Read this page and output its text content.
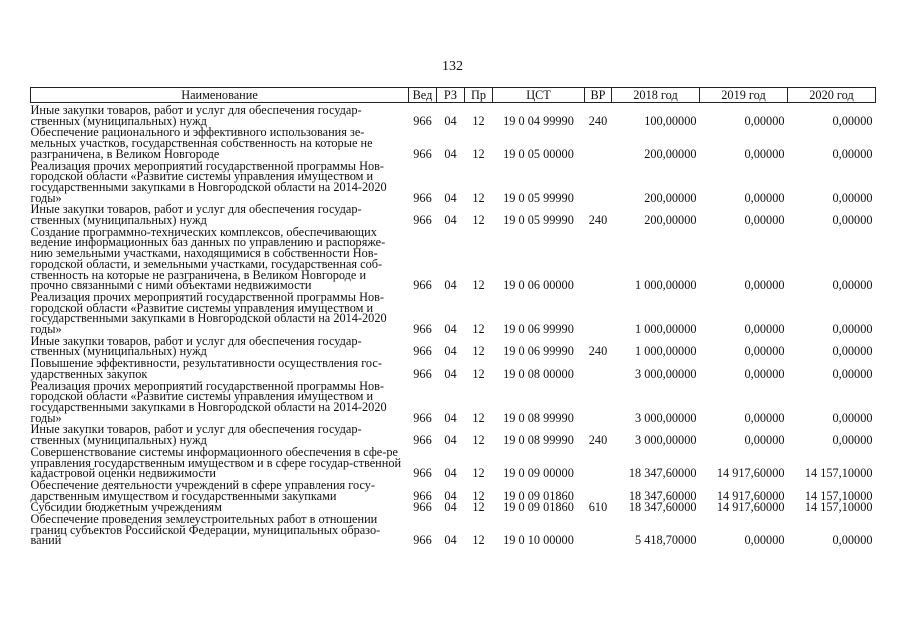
132
Наименование	Вед	РЗ	Пр	ЦСТ	ВР	2018 год	2019 год	2020 год
Иные закупки товаров, работ и услуг для обеспечения государ-ственных (муниципальных) нужд	966	04	12	19 0 04 99990	240	100,00000	0,00000	0,00000
Обеспечение рационального и эффективного использования зе-мельных участков, государственная собственность на которые не разграничена, в Великом Новгороде	966	04	12	19 0 05 00000		200,00000	0,00000	0,00000
Реализация прочих мероприятий государственной программы Нов-городской области «Развитие системы управления имуществом и государственными закупками в Новгородской области на 2014-2020 годы»	966	04	12	19 0 05 99990		200,00000	0,00000	0,00000
Иные закупки товаров, работ и услуг для обеспечения государ-ственных (муниципальных) нужд	966	04	12	19 0 05 99990	240	200,00000	0,00000	0,00000
Создание программно-технических комплексов, обеспечивающих ведение информационных баз данных по управлению и распоряже-нию земельными участками, находящимися в собственности Нов-городской области, и земельными участками, государственная соб-ственность на которые не разграничена, в Великом Новгороде и прочно связанными с ними объектами недвижимости	966	04	12	19 0 06 00000		1 000,00000	0,00000	0,00000
Реализация прочих мероприятий государственной программы Нов-городской области «Развитие системы управления имуществом и государственными закупками в Новгородской области на 2014-2020 годы»	966	04	12	19 0 06 99990		1 000,00000	0,00000	0,00000
Иные закупки товаров, работ и услуг для обеспечения государ-ственных (муниципальных) нужд	966	04	12	19 0 06 99990	240	1 000,00000	0,00000	0,00000
Повышение эффективности, результативности осуществления гос-ударственных закупок	966	04	12	19 0 08 00000		3 000,00000	0,00000	0,00000
Реализация прочих мероприятий государственной программы Нов-городской области «Развитие системы управления имуществом и государственными закупками в Новгородской области на 2014-2020 годы»	966	04	12	19 0 08 99990		3 000,00000	0,00000	0,00000
Иные закупки товаров, работ и услуг для обеспечения государ-ственных (муниципальных) нужд	966	04	12	19 0 08 99990	240	3 000,00000	0,00000	0,00000
Совершенствование системы информационного обеспечения в сфе-ре управления государственным имуществом и в сфере государ-ственной кадастровой оценки недвижимости	966	04	12	19 0 09 00000		18 347,60000	14 917,60000	14 157,10000
Обеспечение деятельности учреждений в сфере управления госу-дарственным имуществом и государственными закупками	966	04	12	19 0 09 01860		18 347,60000	14 917,60000	14 157,10000
Субсидии бюджетным учреждениям	966	04	12	19 0 09 01860	610	18 347,60000	14 917,60000	14 157,10000
Обеспечение проведения землеустроительных работ в отношении границ субъектов Российской Федерации, муниципальных образо-ваний	966	04	12	19 0 10 00000		5 418,70000	0,00000	0,00000
